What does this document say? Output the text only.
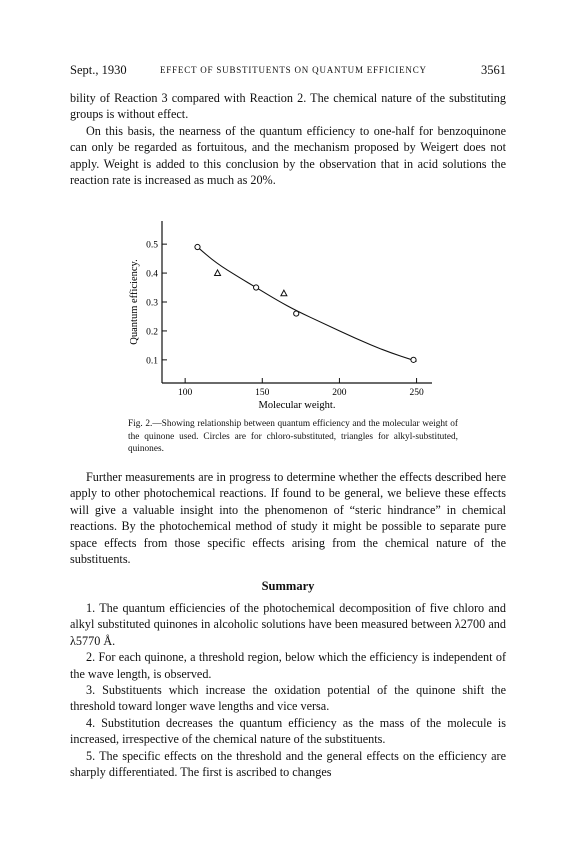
Sept., 1930	EFFECT OF SUBSTITUENTS ON QUANTUM EFFICIENCY	3561

bility of Reaction 3 compared with Reaction 2. The chemical nature of the substituting groups is without effect.

On this basis, the nearness of the quantum efficiency to one-half for benzoquinone can only be regarded as fortuitous, and the mechanism proposed by Weigert does not apply. Weight is added to this conclusion by the observation that in acid solutions the reaction rate is increased as much as 20%.

0.1
0.2
0.3
0.4
0.5
100	150	200	250
Molecular weight.
Quantum efficiency.
Fig. 2.—Showing relationship between quantum efficiency and the molecular weight of the quinone used. Circles are for chloro-substituted, triangles for alkyl-substituted, quinones.

Further measurements are in progress to determine whether the effects described here apply to other photochemical reactions. If found to be general, we believe these effects will give a valuable insight into the phenomenon of “steric hindrance” in chemical reactions. By the photochemical method of study it might be possible to separate pure space effects from those specific effects arising from the chemical nature of the substituents.

Summary

1. The quantum efficiencies of the photochemical decomposition of five chloro and alkyl substituted quinones in alcoholic solutions have been measured between λ2700 and λ5770 Å.

2. For each quinone, a threshold region, below which the efficiency is independent of the wave length, is observed.

3. Substituents which increase the oxidation potential of the quinone shift the threshold toward longer wave lengths and vice versa.

4. Substitution decreases the quantum efficiency as the mass of the molecule is increased, irrespective of the chemical nature of the substituents.

5. The specific effects on the threshold and the general effects on the efficiency are sharply differentiated. The first is ascribed to changes
